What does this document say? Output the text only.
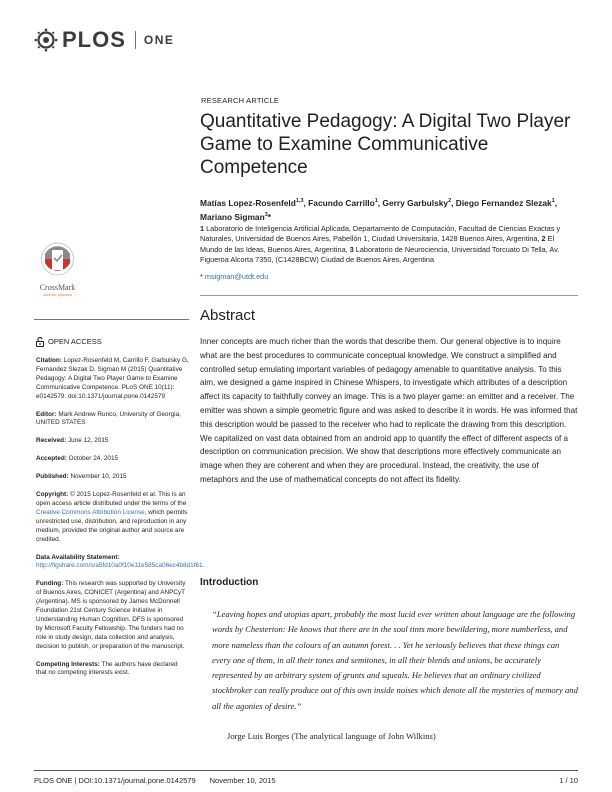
PLOS ONE
CrossMark
click for updates

OPEN ACCESS

Citation: Lopez-Rosenfeld M, Carrillo F, Garbulsky G, Fernandez Slezak D, Sigman M (2015) Quantitative Pedagogy: A Digital Two Player Game to Examine Communicative Competence. PLoS ONE 10(11): e0142579. doi:10.1371/journal.pone.0142579

Editor: Mark Andrew Runco, University of Georgia, UNITED STATES

Received: June 12, 2015

Accepted: October 24, 2015

Published: November 10, 2015

Copyright: © 2015 Lopez-Rosenfeld et al. This is an open access article distributed under the terms of the Creative Commons Attribution License, which permits unrestricted use, distribution, and reproduction in any medium, provided the original author and source are credited.

Data Availability Statement: http://figshare.com/s/a5fd10a0f10e11e585ca06ec4b8d1f61.

Funding: This research was supported by University of Buenos Aires, CONICET (Argentina) and ANPCyT (Argentina). MS is sponsored by James McDonnell Foundation 21st Century Science Initiative in Understanding Human Cognition. DFS is sponsored by Microsoft Faculty Fellowship. The funders had no role in study design, data collection and analysis, decision to publish, or preparation of the manuscript.

Competing Interests: The authors have declared that no competing interests exist.

RESEARCH ARTICLE
Quantitative Pedagogy: A Digital Two Player Game to Examine Communicative Competence
Matías Lopez-Rosenfeld$^{1,3}$, Facundo Carrillo$^1$, Gerry Garbulsky$^2$, Diego Fernandez Slezak$^1$, Mariano Sigman$^3$*
1 Laboratorio de Inteligencia Artificial Aplicada, Departamento de Computación, Facultad de Ciencias Exactas y Naturales, Universidad de Buenos Aires, Pabellón 1, Ciudad Universitaria, 1428 Buenos Aires, Argentina, 2 El Mundo de las Ideas, Buenos Aires, Argentina, 3 Laboratorio de Neurociencia, Universidad Torcuato Di Tella, Av. Figueroa Alcorta 7350, (C1428BCW) Ciudad de Buenos Aires, Argentina
* msigman@utdt.edu
Abstract
Inner concepts are much richer than the words that describe them. Our general objective is to inquire what are the best procedures to communicate conceptual knowledge. We construct a simplified and controlled setup emulating important variables of pedagogy amenable to quantitative analysis. To this aim, we designed a game inspired in Chinese Whispers, to investigate which attributes of a description affect its capacity to faithfully convey an image. This is a two player game: an emitter and a receiver. The emitter was shown a simple geometric figure and was asked to describe it in words. He was informed that this description would be passed to the receiver who had to replicate the drawing from this description. We capitalized on vast data obtained from an android app to quantify the effect of different aspects of a description on communication precision. We show that descriptions more effectively communicate an image when they are coherent and when they are procedural. Instead, the creativity, the use of metaphors and the use of mathematical concepts do not affect its fidelity.
Introduction
“Leaving hopes and utopias apart, probably the most lucid ever written about language are the following words by Chesterton: He knows that there are in the soul tints more bewildering, more numberless, and more nameless than the colours of an autumn forest. . . Yet he seriously believes that these things can every one of them, in all their tones and semitones, in all their blends and unions, be accurately represented by an arbitrary system of grunts and squeals. He believes that an ordinary civilized stockbroker can really produce out of this own inside noises which denote all the mysteries of memory and all the agonies of desire.”
Jorge Luis Borges (The analytical language of John Wilkins)
PLOS ONE | DOI:10.1371/journal.pone.0142579 November 10, 2015	1 / 10
